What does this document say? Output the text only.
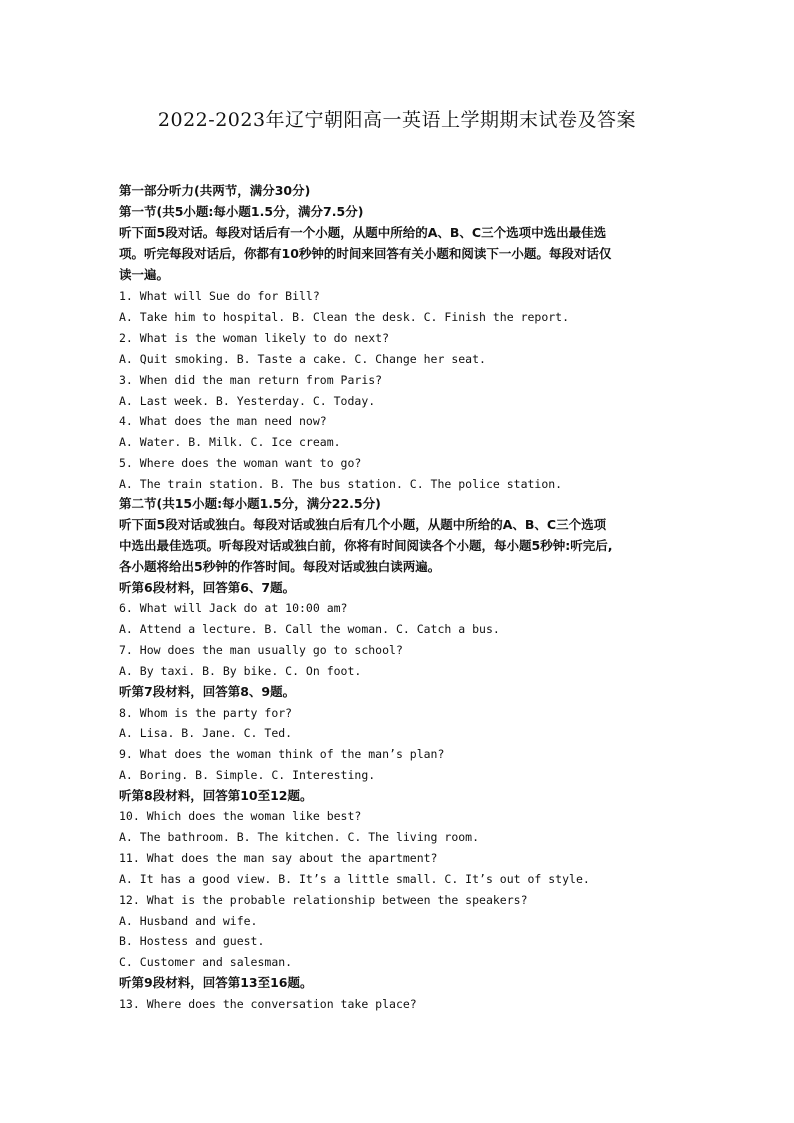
2022-2023年辽宁朝阳高一英语上学期期末试卷及答案
第一部分听力(共两节，满分30分)
第一节(共5小题:每小题1.5分，满分7.5分)
听下面5段对话。每段对话后有一个小题，从题中所给的A、B、C三个选项中选出最佳选
项。听完每段对话后，你都有10秒钟的时间来回答有关小题和阅读下一小题。每段对话仅
读一遍。
1. What will Sue do for Bill?
A. Take him to hospital. B. Clean the desk. C. Finish the report.
2. What is the woman likely to do next?
A. Quit smoking. B. Taste a cake. C. Change her seat.
3. When did the man return from Paris?
A. Last week. B. Yesterday. C. Today.
4. What does the man need now?
A. Water. B. Milk. C. Ice cream.
5. Where does the woman want to go?
A. The train station. B. The bus station. C. The police station.
第二节(共15小题:每小题1.5分，满分22.5分)
听下面5段对话或独白。每段对话或独白后有几个小题，从题中所给的A、B、C三个选项
中选出最佳选项。听每段对话或独白前，你将有时间阅读各个小题，每小题5秒钟:听完后,
各小题将给出5秒钟的作答时间。每段对话或独白读两遍。
听第6段材料，回答第6、7题。
6. What will Jack do at 10:00 am?
A. Attend a lecture. B. Call the woman. C. Catch a bus.
7. How does the man usually go to school?
A. By taxi. B. By bike. C. On foot.
听第7段材料，回答第8、9题。
8. Whom is the party for?
A. Lisa. B. Jane. C. Ted.
9. What does the woman think of the man’s plan?
A. Boring. B. Simple. C. Interesting.
听第8段材料，回答第10至12题。
10. Which does the woman like best?
A. The bathroom. B. The kitchen. C. The living room.
11. What does the man say about the apartment?
A. It has a good view. B. It’s a little small. C. It’s out of style.
12. What is the probable relationship between the speakers?
A. Husband and wife.
B. Hostess and guest.
C. Customer and salesman.
听第9段材料，回答第13至16题。
13. Where does the conversation take place?
